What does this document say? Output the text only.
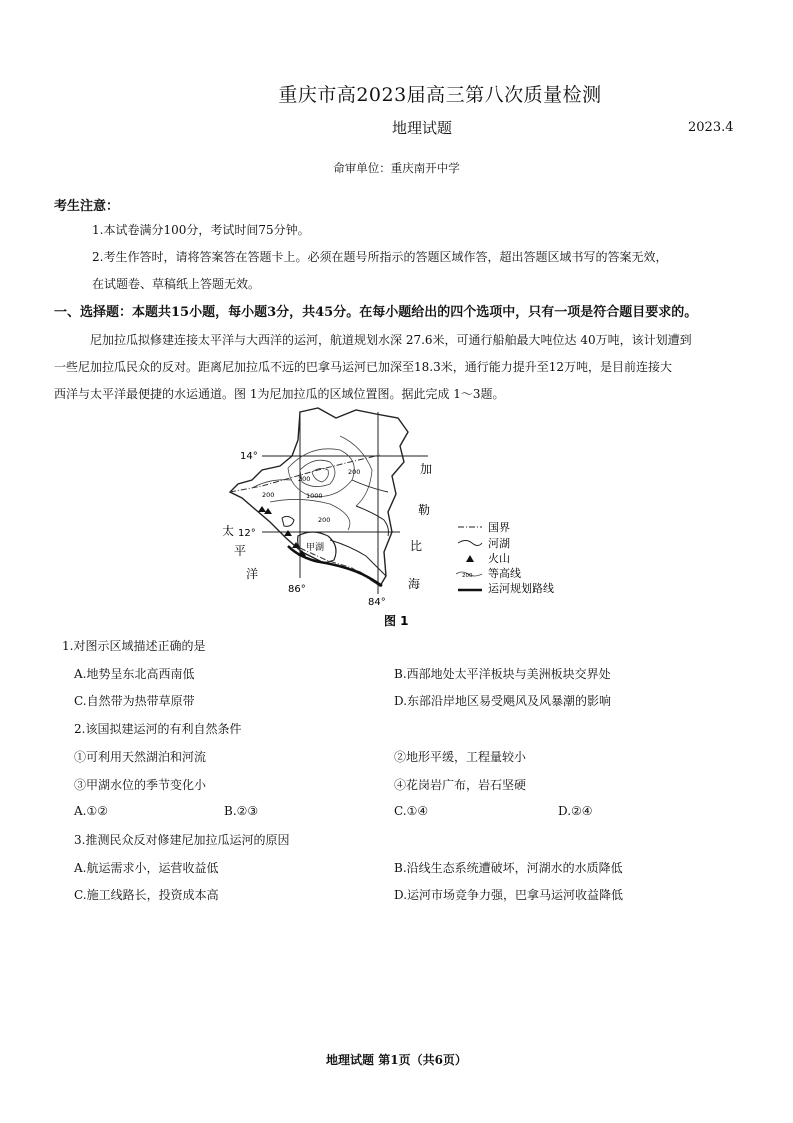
重庆市高2023届高三第八次质量检测
地理试题	2023.4
命审单位：重庆南开中学
考生注意：
1.本试卷满分100分，考试时间75分钟。
2.考生作答时，请将答案答在答题卡上。必须在题号所指示的答题区域作答，超出答题区域书写的答案无效，
在试题卷、草稿纸上答题无效。
一、选择题：本题共15小题，每小题3分，共45分。在每小题给出的四个选项中，只有一项是符合题目要求的。
尼加拉瓜拟修建连接太平洋与大西洋的运河，航道规划水深 27.6米，可通行船舶最大吨位达 40万吨，该计划遭到
一些尼加拉瓜民众的反对。距离尼加拉瓜不远的巴拿马运河已加深至18.3米，通行能力提升至12万吨，是目前连接大
西洋与太平洋最便捷的水运通道。图 1为尼加拉瓜的区域位置图。据此完成 1～3题。
14°
12°
86°
84°
太
平
洋
加
勒
比
海
甲湖
200
200
200
200	1000
国界
河湖
火山
200 等高线
运河规划路线
图 1
1.对图示区域描述正确的是
A.地势呈东北高西南低	B.西部地处太平洋板块与美洲板块交界处
C.自然带为热带草原带	D.东部沿岸地区易受飓风及风暴潮的影响
2.该国拟建运河的有利自然条件
①可利用天然湖泊和河流	②地形平缓，工程量较小
③甲湖水位的季节变化小	④花岗岩广布，岩石坚硬
A.①②	B.②③	C.①④	D.②④
3.推测民众反对修建尼加拉瓜运河的原因
A.航运需求小，运营收益低	B.沿线生态系统遭破坏，河湖水的水质降低
C.施工线路长，投资成本高	D.运河市场竞争力强，巴拿马运河收益降低
地理试题 第1页（共6页）
